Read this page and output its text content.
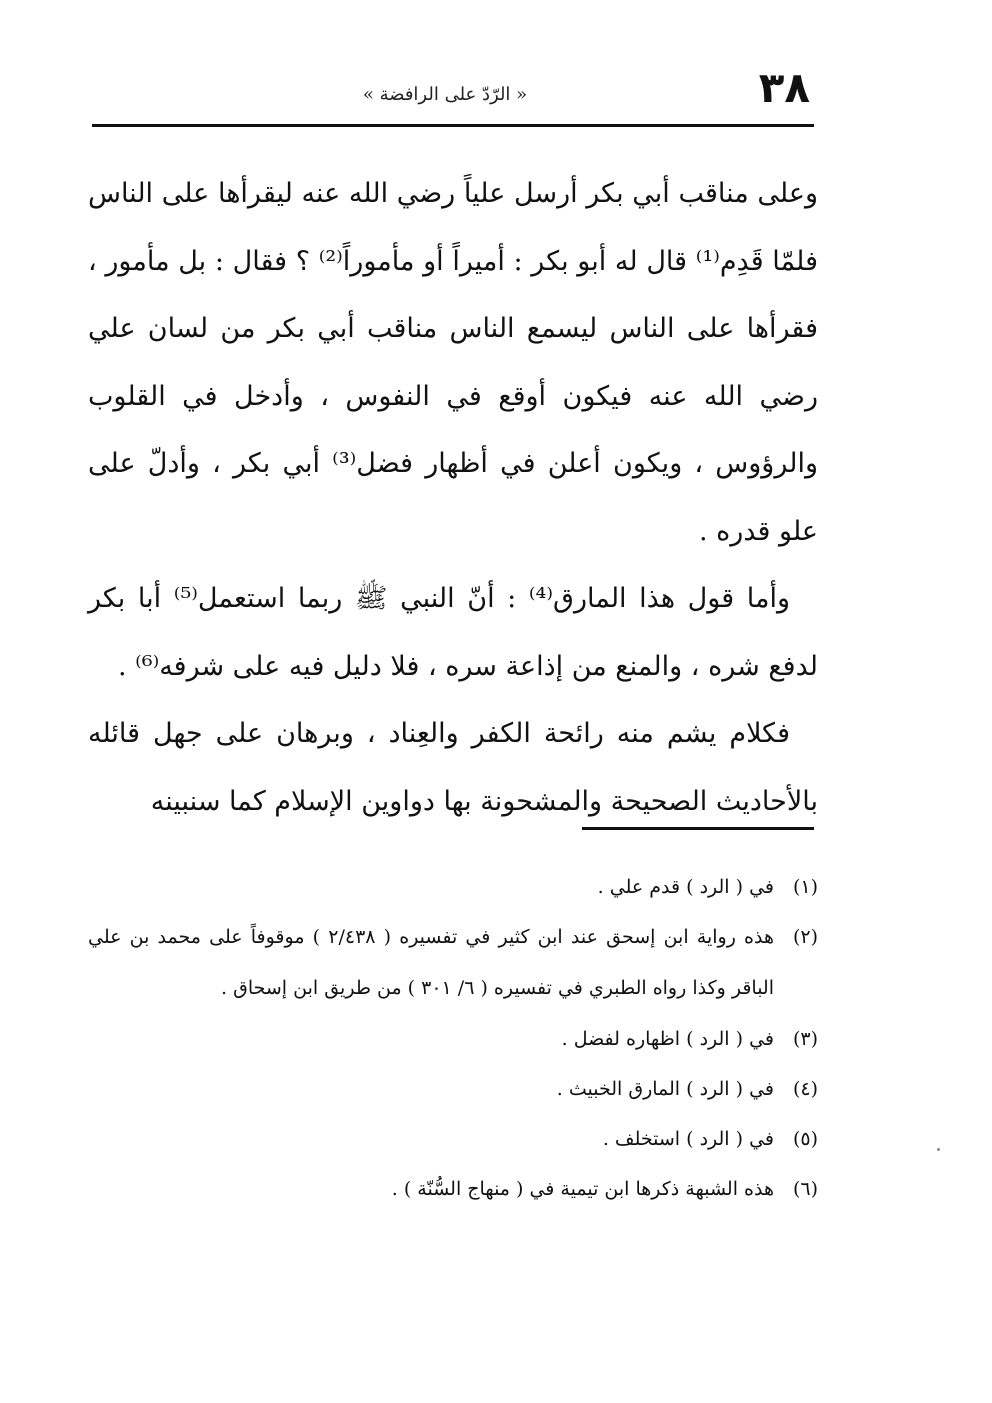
٣٨
« الرّدّ على الرافضة »

وعلى مناقب أبي بكر أرسل علياً رضي الله عنه ليقرأها على الناس فلمّا قَدِم⁽¹⁾ قال له أبو بكر : أميراً أو مأموراً⁽²⁾ ؟ فقال : بل مأمور ، فقرأها على الناس ليسمع الناس مناقب أبي بكر من لسان علي رضي الله عنه فيكون أوقع في النفوس ، وأدخل في القلوب والرؤوس ، ويكون أعلن في أظهار فضل⁽³⁾ أبي بكر ، وأدلّ على علو قدره .

وأما قول هذا المارق⁽⁴⁾ : أنّ النبي ﷺ ربما استعمل⁽⁵⁾ أبا بكر لدفع شره ، والمنع من إذاعة سره ، فلا دليل فيه على شرفه⁽⁶⁾ .

فكلام يشم منه رائحة الكفر والعِناد ، وبرهان على جهل قائله بالأحاديث الصحيحة والمشحونة بها دواوين الإسلام كما سنبينه

(١)
في ( الرد ) قدم علي .
(٢)
هذه رواية ابن إسحق عند ابن كثير في تفسيره ( ٢/٤٣٨ ) موقوفاً على محمد بن علي الباقر وكذا رواه الطبري في تفسيره ( ٦/ ٣٠١ ) من طريق ابن إسحاق .
(٣)
في ( الرد ) اظهاره لفضل .
(٤)
في ( الرد ) المارق الخبيث .
(٥)
في ( الرد ) استخلف .
(٦)
هذه الشبهة ذكرها ابن تيمية في ( منهاج السُّنّة ) .
